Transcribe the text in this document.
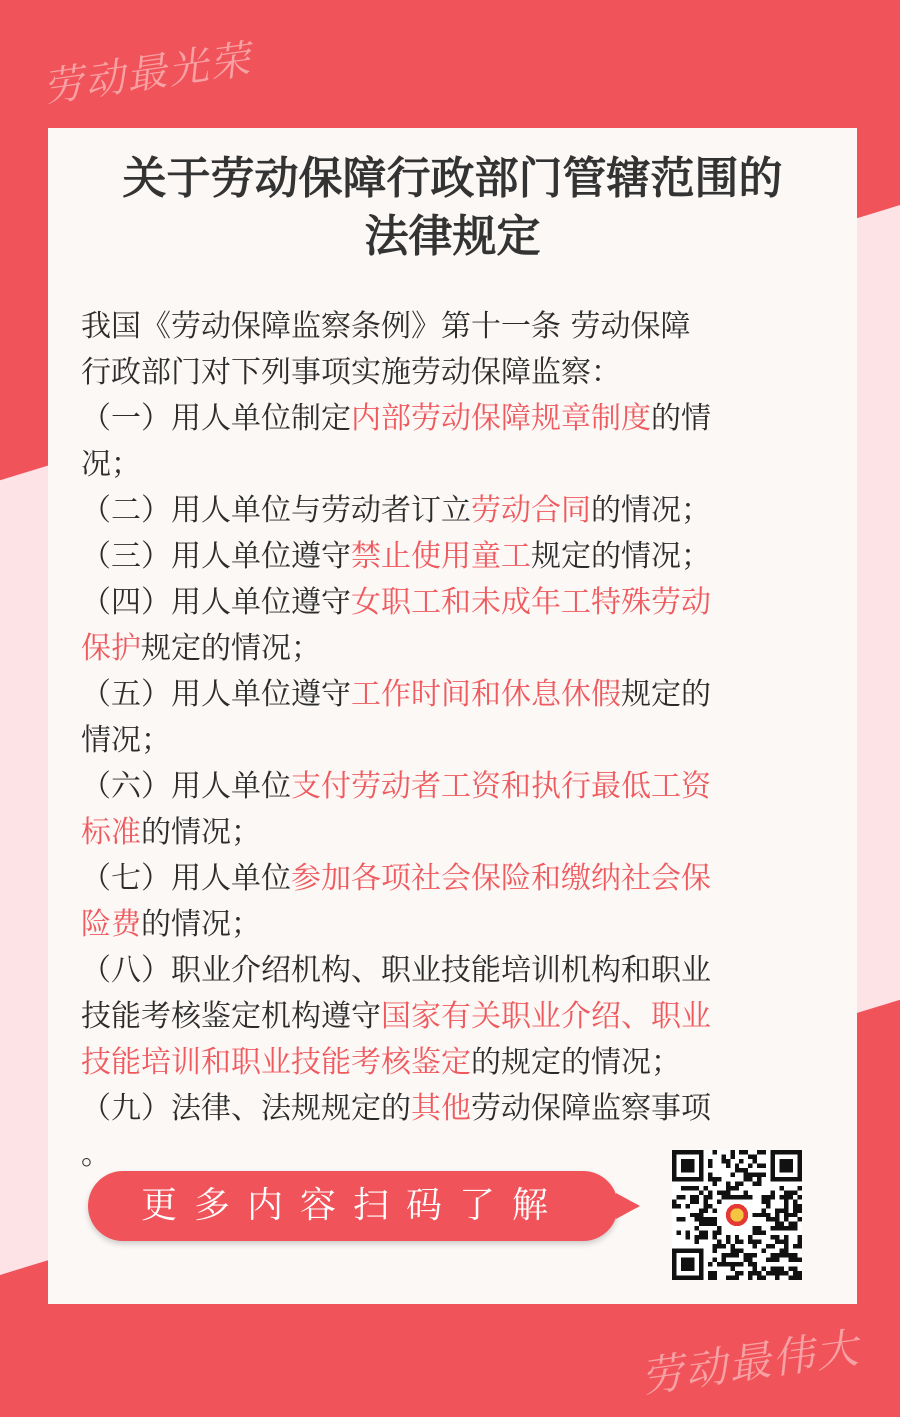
劳动最光荣
劳动最伟大
关于劳动保障行政部门管辖范围的
法律规定
我国《劳动保障监察条例》第十一条 劳动保障
行政部门对下列事项实施劳动保障监察：
（一）用人单位制定内部劳动保障规章制度的情
况；
（二）用人单位与劳动者订立劳动合同的情况；
（三）用人单位遵守禁止使用童工规定的情况；
（四）用人单位遵守女职工和未成年工特殊劳动
保护规定的情况；
（五）用人单位遵守工作时间和休息休假规定的
情况；
（六）用人单位支付劳动者工资和执行最低工资
标准的情况；
（七）用人单位参加各项社会保险和缴纳社会保
险费的情况；
（八）职业介绍机构、职业技能培训机构和职业
技能考核鉴定机构遵守国家有关职业介绍、职业
技能培训和职业技能考核鉴定的规定的情况；
（九）法律、法规规定的其他劳动保障监察事项
。
更多内容扫码了解
